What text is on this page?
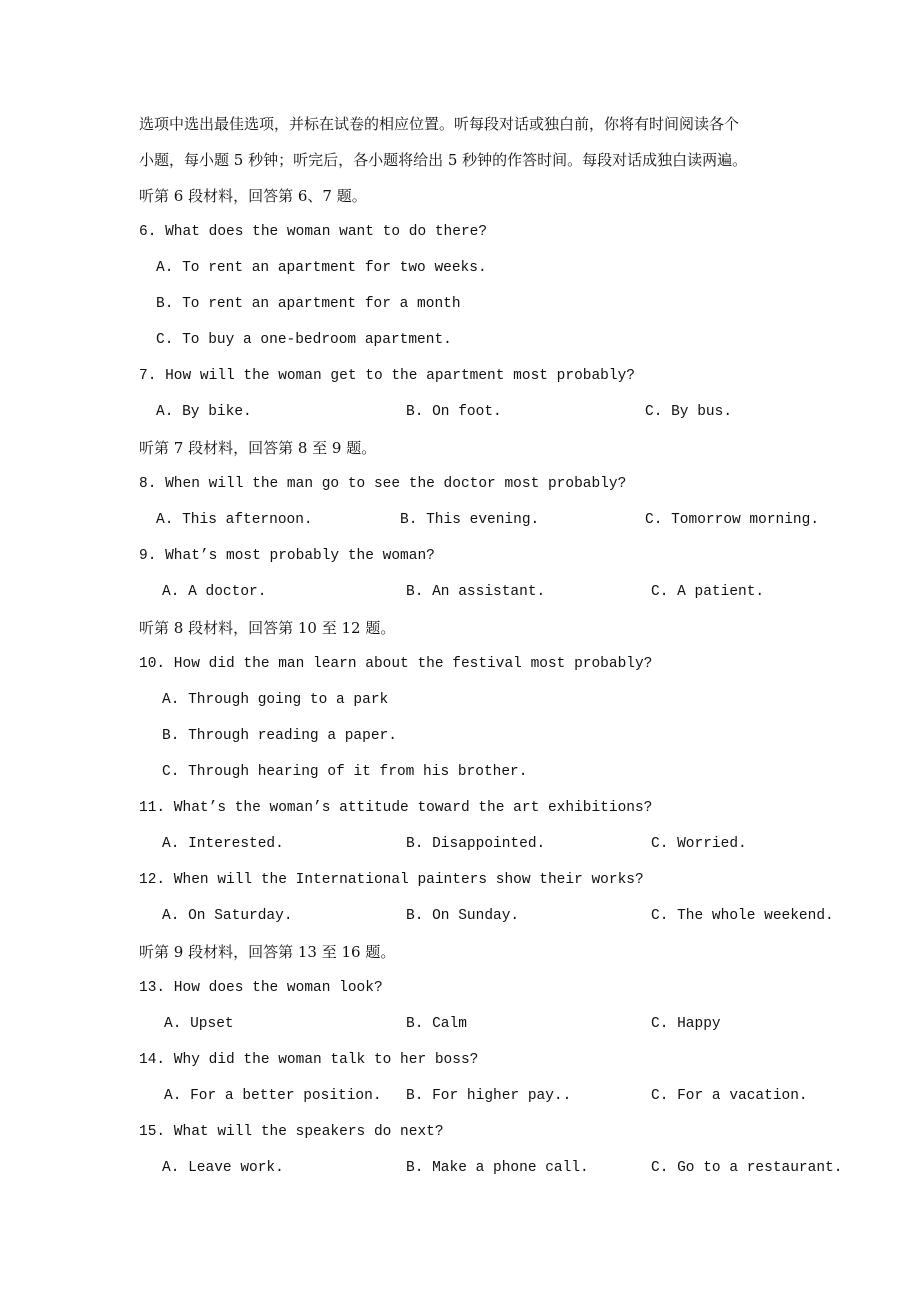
选项中选出最佳选项，并标在试卷的相应位置。听每段对话或独白前，你将有时间阅读各个
小题，每小题 5 秒钟；听完后，各小题将给出 5 秒钟的作答时间。每段对话成独白读两遍。
听第 6 段材料，回答第 6、7 题。
6. What does the woman want to do there?
A. To rent an apartment for two weeks.
B. To rent an apartment for a month
C. To buy a one-bedroom apartment.
7. How will the woman get to the apartment most probably?
A. By bike.	B. On foot.	C. By bus.
听第 7 段材料，回答第 8 至 9 题。
8. When will the man go to see the doctor most probably?
A. This afternoon.	B. This evening.	C. Tomorrow morning.
9. What’s most probably the woman?
A. A doctor.	B. An assistant.	C. A patient.
听第 8 段材料，回答第 10 至 12 题。
10. How did the man learn about the festival most probably?
A. Through going to a park
B. Through reading a paper.
C. Through hearing of it from his brother.
11. What’s the woman’s attitude toward the art exhibitions?
A. Interested.	B. Disappointed.	C. Worried.
12. When will the International painters show their works?
A. On Saturday.	B. On Sunday.	C. The whole weekend.
听第 9 段材料，回答第 13 至 16 题。
13. How does the woman look?
A. Upset	B. Calm	C. Happy
14. Why did the woman talk to her boss?
A. For a better position. B. For higher pay..	C. For a vacation.
15. What will the speakers do next?
A. Leave work.	B. Make a phone call.	C. Go to a restaurant.
